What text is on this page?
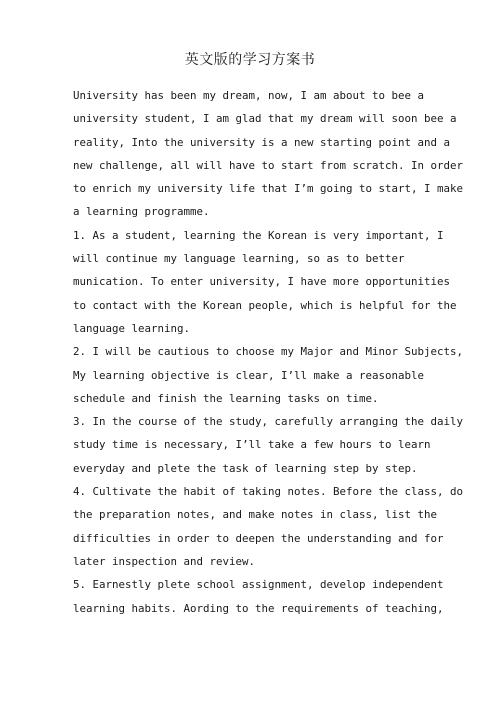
英文版的学习方案书
University has been my dream, now, I am about to bee a
university student, I am glad that my dream will soon bee a
reality, Into the university is a new starting point and a
new challenge, all will have to start from scratch. In order
to enrich my university life that I’m going to start, I make
a learning programme.
1. As a student, learning the Korean is very important, I
will continue my language learning, so as to better
munication. To enter university, I have more opportunities
to contact with the Korean people, which is helpful for the
language learning.
2. I will be cautious to choose my Major and Minor Subjects,
My learning objective is clear, I’ll make a reasonable
schedule and finish the learning tasks on time.
3. In the course of the study, carefully arranging the daily
study time is necessary, I’ll take a few hours to learn
everyday and plete the task of learning step by step.
4. Cultivate the habit of taking notes. Before the class, do
the preparation notes, and make notes in class, list the
difficulties in order to deepen the understanding and for
later inspection and review.
5. Earnestly plete school assignment, develop independent
learning habits. Aording to the requirements of teaching,
